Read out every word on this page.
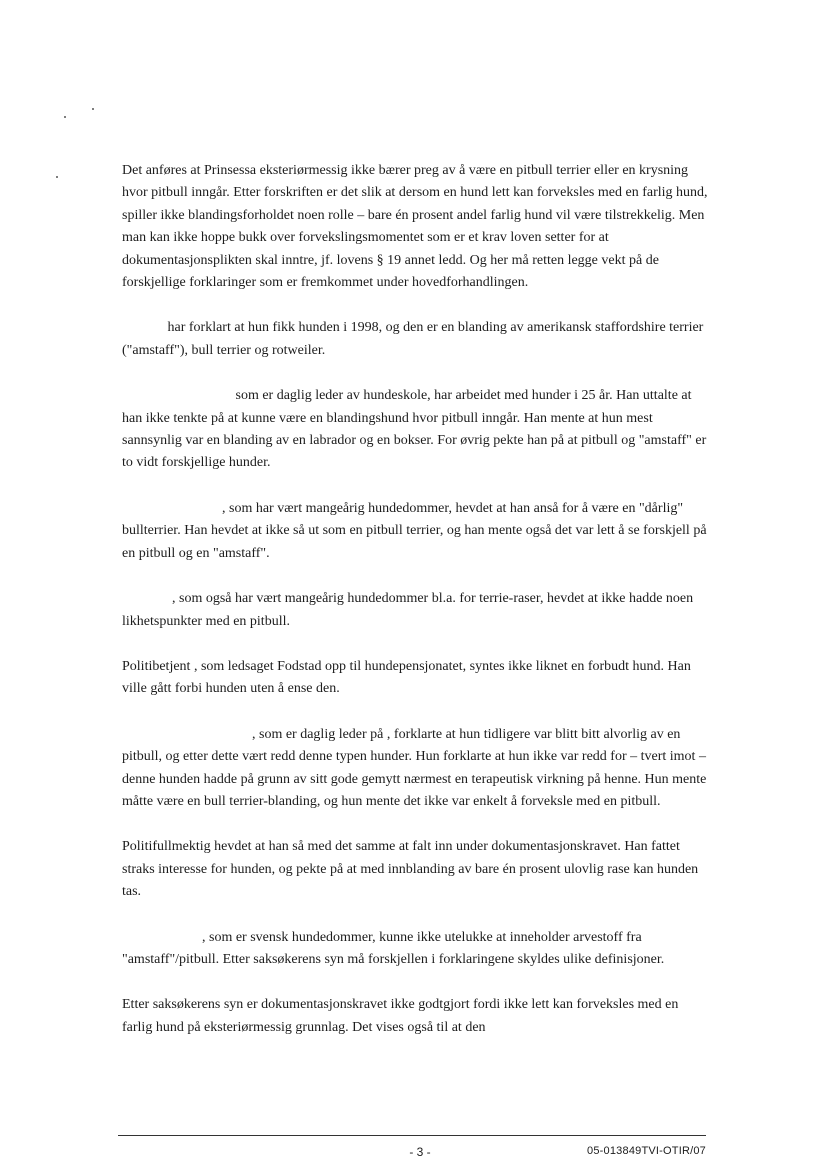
Det anføres at Prinsessa eksteriørmessig ikke bærer preg av å være en pitbull terrier eller en krysning hvor pitbull inngår. Etter forskriften er det slik at dersom en hund lett kan forveksles med en farlig hund, spiller ikke blandingsforholdet noen rolle – bare én prosent andel farlig hund vil være tilstrekkelig. Men man kan ikke hoppe bukk over forvekslingsmomentet som er et krav loven setter for at dokumentasjonsplikten skal inntre, jf. lovens § 19 annet ledd. Og her må retten legge vekt på de forskjellige forklaringer som er fremkommet under hovedforhandlingen.

har forklart at hun fikk hunden i 1998, og den er en blanding av amerikansk staffordshire terrier ("amstaff"), bull terrier og rotweiler.

som er daglig leder av hundeskole, har arbeidet med hunder i 25 år. Han uttalte at han ikke tenkte på at kunne være en blandingshund hvor pitbull inngår. Han mente at hun mest sannsynlig var en blanding av en labrador og en bokser. For øvrig pekte han på at pitbull og "amstaff" er to vidt forskjellige hunder.

, som har vært mangeårig hundedommer, hevdet at han anså for å være en "dårlig" bullterrier. Han hevdet at ikke så ut som en pitbull terrier, og han mente også det var lett å se forskjell på en pitbull og en "amstaff".

, som også har vært mangeårig hundedommer bl.a. for terrie-raser, hevdet at ikke hadde noen likhetspunkter med en pitbull.

Politibetjent , som ledsaget Fodstad opp til hundepensjonatet, syntes ikke liknet en forbudt hund. Han ville gått forbi hunden uten å ense den.

, som er daglig leder på , forklarte at hun tidligere var blitt bitt alvorlig av en pitbull, og etter dette vært redd denne typen hunder. Hun forklarte at hun ikke var redd for – tvert imot –denne hunden hadde på grunn av sitt gode gemytt nærmest en terapeutisk virkning på henne. Hun mente måtte være en bull terrier-blanding, og hun mente det ikke var enkelt å forveksle med en pitbull.

Politifullmektig hevdet at han så med det samme at falt inn under dokumentasjonskravet. Han fattet straks interesse for hunden, og pekte på at med innblanding av bare én prosent ulovlig rase kan hunden tas.

, som er svensk hundedommer, kunne ikke utelukke at inneholder arvestoff fra "amstaff"/pitbull. Etter saksøkerens syn må forskjellen i forklaringene skyldes ulike definisjoner.

Etter saksøkerens syn er dokumentasjonskravet ikke godtgjort fordi ikke lett kan forveksles med en farlig hund på eksteriørmessig grunnlag. Det vises også til at den

- 3 -	05-013849TVI-OTIR/07
